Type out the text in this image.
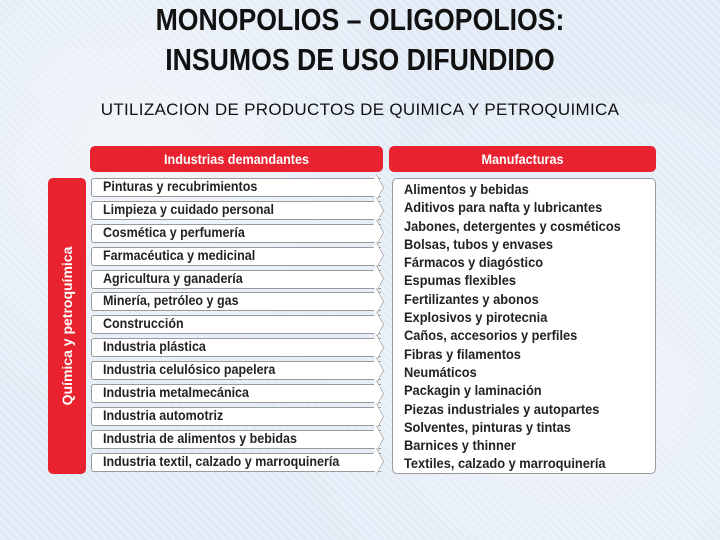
MONOPOLIOS – OLIGOPOLIOS:
INSUMOS DE USO DIFUNDIDO

UTILIZACION DE PRODUCTOS DE QUIMICA Y PETROQUIMICA

Industrias demandantes	Manufacturas
Química y petroquímica
Pinturas y recubrimientos
Limpieza y cuidado personal
Cosmética y perfumería
Farmacéutica y medicinal
Agricultura y ganadería
Minería, petróleo y gas
Construcción
Industria plástica
Industria celulósico papelera
Industria metalmecánica
Industria automotriz
Industria de alimentos y bebidas
Industria textil, calzado y marroquinería
Alimentos y bebidas
Aditivos para nafta y lubricantes
Jabones, detergentes y cosméticos
Bolsas, tubos y envases
Fármacos y diagóstico
Espumas flexibles
Fertilizantes y abonos
Explosivos y pirotecnia
Caños, accesorios y perfiles
Fibras y filamentos
Neumáticos
Packagin y laminación
Piezas industriales y autopartes
Solventes, pinturas y tintas
Barnices y thinner
Textiles, calzado y marroquinería
